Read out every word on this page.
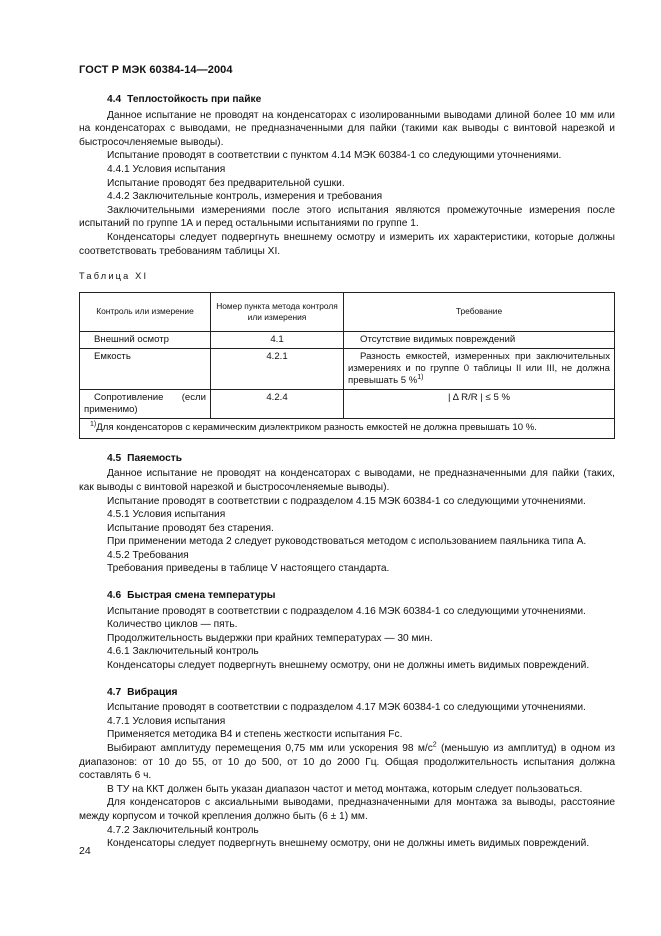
ГОСТ Р МЭК 60384-14—2004

4.4 Теплостойкость при пайке

Данное испытание не проводят на конденсаторах с изолированными выводами длиной более 10 мм или на конденсаторах с выводами, не предназначенными для пайки (такими как выводы с винтовой нарезкой и быстросочленяемые выводы).

Испытание проводят в соответствии с пунктом 4.14 МЭК 60384-1 со следующими уточнениями.

4.4.1 Условия испытания

Испытание проводят без предварительной сушки.

4.4.2 Заключительные контроль, измерения и требования

Заключительными измерениями после этого испытания являются промежуточные измерения после испытаний по группе 1А и перед остальными испытаниями по группе 1.

Конденсаторы следует подвергнуть внешнему осмотру и измерить их характеристики, которые должны соответствовать требованиям таблицы XI.

Таблица XI

Контроль или измерение	Номер пункта метода контроля или измерения	Требование
Внешний осмотр	4.1	Отсутствие видимых повреждений
Емкость	4.2.1	Разность емкостей, измеренных при заключительных измерениях и по группе 0 таблицы II или III, не должна превышать 5 %$^{1)}$
Сопротивление (если применимо)	4.2.4	| Δ R/R | ≤ 5 %
$^{1)}$Для конденсаторов с керамическим диэлектриком разность емкостей не должна превышать 10 %.		

4.5 Паяемость

Данное испытание не проводят на конденсаторах с выводами, не предназначенными для пайки (таких, как выводы с винтовой нарезкой и быстросочленяемые выводы).

Испытание проводят в соответствии с подразделом 4.15 МЭК 60384-1 со следующими уточнениями.

4.5.1 Условия испытания

Испытание проводят без старения.

При применении метода 2 следует руководствоваться методом с использованием паяльника типа А.

4.5.2 Требования

Требования приведены в таблице V настоящего стандарта.

4.6 Быстрая смена температуры

Испытание проводят в соответствии с подразделом 4.16 МЭК 60384-1 со следующими уточнениями.

Количество циклов — пять.

Продолжительность выдержки при крайних температурах — 30 мин.

4.6.1 Заключительный контроль

Конденсаторы следует подвергнуть внешнему осмотру, они не должны иметь видимых повреждений.

4.7 Вибрация

Испытание проводят в соответствии с подразделом 4.17 МЭК 60384-1 со следующими уточнениями.

4.7.1 Условия испытания

Применяется методика В4 и степень жесткости испытания Fc.

Выбирают амплитуду перемещения 0,75 мм или ускорения 98 $м/с^2$ (меньшую из амплитуд) в одном из диапазонов: от 10 до 55, от 10 до 500, от 10 до 2000 Гц. Общая продолжительность испытания должна составлять 6 ч.

В ТУ на ККТ должен быть указан диапазон частот и метод монтажа, которым следует пользоваться.

Для конденсаторов с аксиальными выводами, предназначенными для монтажа за выводы, расстояние между корпусом и точкой крепления должно быть (6 ± 1) мм.

4.7.2 Заключительный контроль

Конденсаторы следует подвергнуть внешнему осмотру, они не должны иметь видимых повреждений.

24
